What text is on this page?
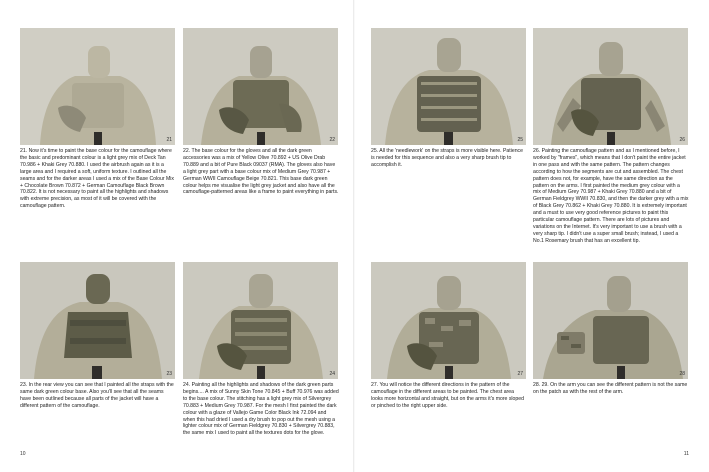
21	22
21. Now it's time to paint the base colour for the camouflage where the basic and predominant colour is a light grey mix of Deck Tan 70.986 + Khaki Grey 70.880. I used the airbrush again as it is a large area and I required a soft, uniform texture. I outlined all the seams and for the darker areas I used a mix of the Base Colour Mix + Chocolate Brown 70.872 + German Camouflage Black Brown 70.822. It is not necessary to paint all the highlights and shadows with extreme precision, as most of it will be covered with the camouflage pattern.
22. The base colour for the gloves and all the dark green accessories was a mix of Yellow Olive 70.892 + US Olive Drab 70.889 and a bit of Pure Black 09037 (RMA). The gloves also have a light grey part with a base colour mix of Medium Grey 70.987 + German WWII Camouflage Beige 70.821. This base dark green colour helps me visualise the light grey jacket and also have all the camouflage-patterned areas like a frame to paint everything in parts.
23	24
23. In the rear view you can see that I painted all the straps with the same dark green colour base. Also you'll see that all the seams have been outlined because all parts of the jacket will have a different pattern of the camouflage.
24. Painting all the highlights and shadows of the dark green parts begins.... A mix of Sunny Skin Tone 70.845 + Buff 70.976 was added to the base colour. The stitching has a light grey mix of Silvergrey 70.883 + Medium Grey 70.987. For the mesh I first painted the dark colour with a glaze of Vallejo Game Color Black Ink 72.094 and when this had dried I used a dry brush to pop out the mesh using a lighter colour mix of German Fieldgrey 70.830 + Silvergrey 70.883, the same mix I used to paint all the textures dots for the glove.
10
25	26
25. All the 'needlework' on the straps is more visible here. Patience is needed for this sequence and also a very sharp brush tip to accomplish it.
26. Painting the camouflage pattern and as I mentioned before, I worked by "frames", which means that I don't paint the entire jacket in one pass and with the same pattern. The pattern changes according to how the segments are cut and assembled. The chest pattern does not, for example, have the same direction as the pattern on the arms. I first painted the medium grey colour with a mix of Medium Grey 70.987 + Khaki Grey 70.880 and a bit of German Fieldgrey WWII 70.830, and then the darker grey with a mix of Black Grey 70.862 + Khaki Grey 70.880. It is extremely important and a must to use very good reference pictures to paint this particular camouflage pattern. There are lots of pictures and variations on the Internet. It's very important to use a brush with a very sharp tip. I didn't use a super small brush; instead, I used a No.1 Rosemary brush that has an excellent tip.
27	28
27. You will notice the different directions in the pattern of the camouflage in the different areas to be painted. The chest area looks more horizontal and straight, but on the arms it's more sloped or pinched to the right upper side.
28. 29. On the arm you can see the different pattern is not the same on the patch as with the rest of the arm.
11
